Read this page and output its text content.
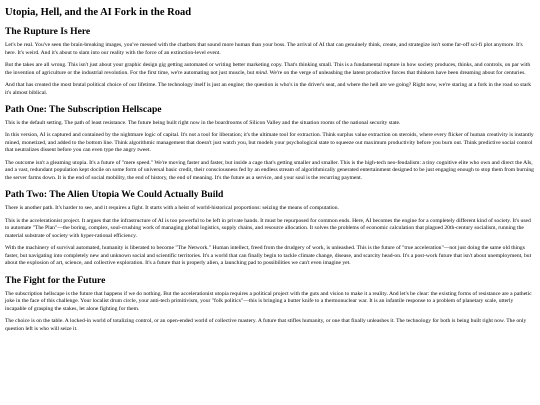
Utopia, Hell, and the AI Fork in the Road
The Rupture Is Here

Let's be real. You've seen the brain-breaking images, you've messed with the chatbots that sound more human than your boss. The arrival of AI that can genuinely think, create, and strategize isn't some far-off sci-fi plot anymore. It's here. It's weird. And it's about to slam into our reality with the force of an extinction-level event.

But the takes are all wrong. This isn't just about your graphic design gig getting automated or writing better marketing copy. That's thinking small. This is a fundamental rupture in how society produces, thinks, and controls, on par with the invention of agriculture or the industrial revolution. For the first time, we're automating not just muscle, but mind. We're on the verge of unleashing the latent productive forces that thinkers have been dreaming about for centuries.

And that has created the most brutal political choice of our lifetime. The technology itself is just an engine; the question is who's in the driver's seat, and where the hell are we going? Right now, we're staring at a fork in the road so stark it's almost biblical.

Path One: The Subscription Hellscape

This is the default setting. The path of least resistance. The future being built right now in the boardrooms of Silicon Valley and the situation rooms of the national security state.

In this version, AI is captured and contained by the nightmare logic of capital. It's not a tool for liberation; it's the ultimate tool for extraction. Think surplus value extraction on steroids, where every flicker of human creativity is instantly mined, monetized, and added to the bottom line. Think algorithmic management that doesn't just watch you, but models your psychological state to squeeze out maximum productivity before you burn out. Think predictive social control that neutralizes dissent before you can even type the angry tweet.

The outcome isn't a gleaming utopia. It's a future of "mere speed." We're moving faster and faster, but inside a cage that's getting smaller and smaller. This is the high-tech neo-feudalism: a tiny cognitive elite who own and direct the AIs, and a vast, redundant population kept docile on some form of universal basic credit, their consciousness fed by an endless stream of algorithmically generated entertainment designed to be just engaging enough to stop them from burning the server farms down. It is the end of social mobility, the end of history, the end of meaning. It's the future as a service, and your soul is the recurring payment.

Path Two: The Alien Utopia We Could Actually Build

There is another path. It's harder to see, and it requires a fight. It starts with a heist of world-historical proportions: seizing the means of computation.

This is the accelerationist project. It argues that the infrastructure of AI is too powerful to be left in private hands. It must be repurposed for common ends. Here, AI becomes the engine for a completely different kind of society. It's used to automate "The Plan"—the boring, complex, soul-crushing work of managing global logistics, supply chains, and resource allocation. It solves the problems of economic calculation that plagued 20th-century socialism, running the material substrate of society with hyper-rational efficiency.

With the machinery of survival automated, humanity is liberated to become "The Network." Human intellect, freed from the drudgery of work, is unleashed. This is the future of "true acceleration"—not just doing the same old things faster, but navigating into completely new and unknown social and scientific territories. It's a world that can finally begin to tackle climate change, disease, and scarcity head-on. It's a post-work future that isn't about unemployment, but about the explosion of art, science, and collective exploration. It's a future that is properly alien, a launching pad to possibilities we can't even imagine yet.

The Fight for the Future

The subscription hellscape is the future that happens if we do nothing. But the accelerationist utopia requires a political project with the guts and vision to make it a reality. And let's be clear: the existing forms of resistance are a pathetic joke in the face of this challenge. Your localist drum circle, your anti-tech primitivism, your "folk politics"—this is bringing a butter knife to a thermonuclear war. It is an infantile response to a problem of planetary scale, utterly incapable of grasping the stakes, let alone fighting for them.

The choice is on the table. A locked-in world of totalizing control, or an open-ended world of collective mastery. A future that stifles humanity, or one that finally unleashes it. The technology for both is being built right now. The only question left is who will seize it.
